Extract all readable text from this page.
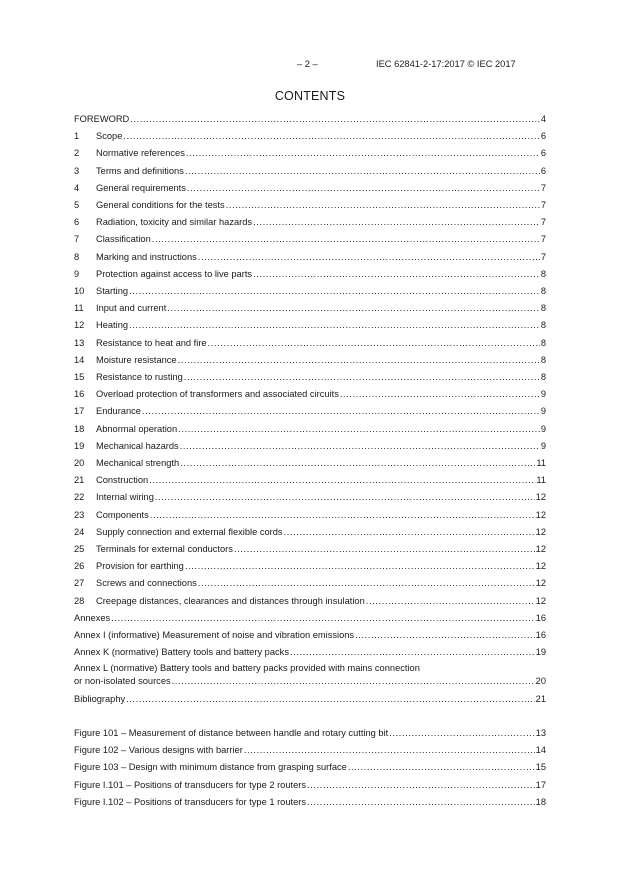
– 2 –	IEC 62841-2-17:2017 © IEC 2017
CONTENTS
FOREWORD .....	4
1	Scope .....	6
2	Normative references .....	6
3	Terms and definitions .....	6
4	General requirements .....	7
5	General conditions for the tests .....	7
6	Radiation, toxicity and similar hazards .....	7
7	Classification .....	7
8	Marking and instructions .....	7
9	Protection against access to live parts .....	8
10	Starting .....	8
11	Input and current .....	8
12	Heating .....	8
13	Resistance to heat and fire .....	8
14	Moisture resistance .....	8
15	Resistance to rusting .....	8
16	Overload protection of transformers and associated circuits .....	9
17	Endurance .....	9
18	Abnormal operation .....	9
19	Mechanical hazards .....	9
20	Mechanical strength .....	11
21	Construction .....	11
22	Internal wiring .....	12
23	Components .....	12
24	Supply connection and external flexible cords .....	12
25	Terminals for external conductors .....	12
26	Provision for earthing .....	12
27	Screws and connections .....	12
28	Creepage distances, clearances and distances through insulation .....	12
Annexes .....	16
Annex I (informative) Measurement of noise and vibration emissions .....	16
Annex K (normative) Battery tools and battery packs .....	19
Annex L (normative) Battery tools and battery packs provided with mains connection
or non-isolated sources .....	20
Bibliography .....	21
Figure 101 – Measurement of distance between handle and rotary cutting bit .....	13
Figure 102 – Various designs with barrier .....	14
Figure 103 – Design with minimum distance from grasping surface .....	15
Figure I.101 – Positions of transducers for type 2 routers .....	17
Figure I.102 – Positions of transducers for type 1 routers .....	18
